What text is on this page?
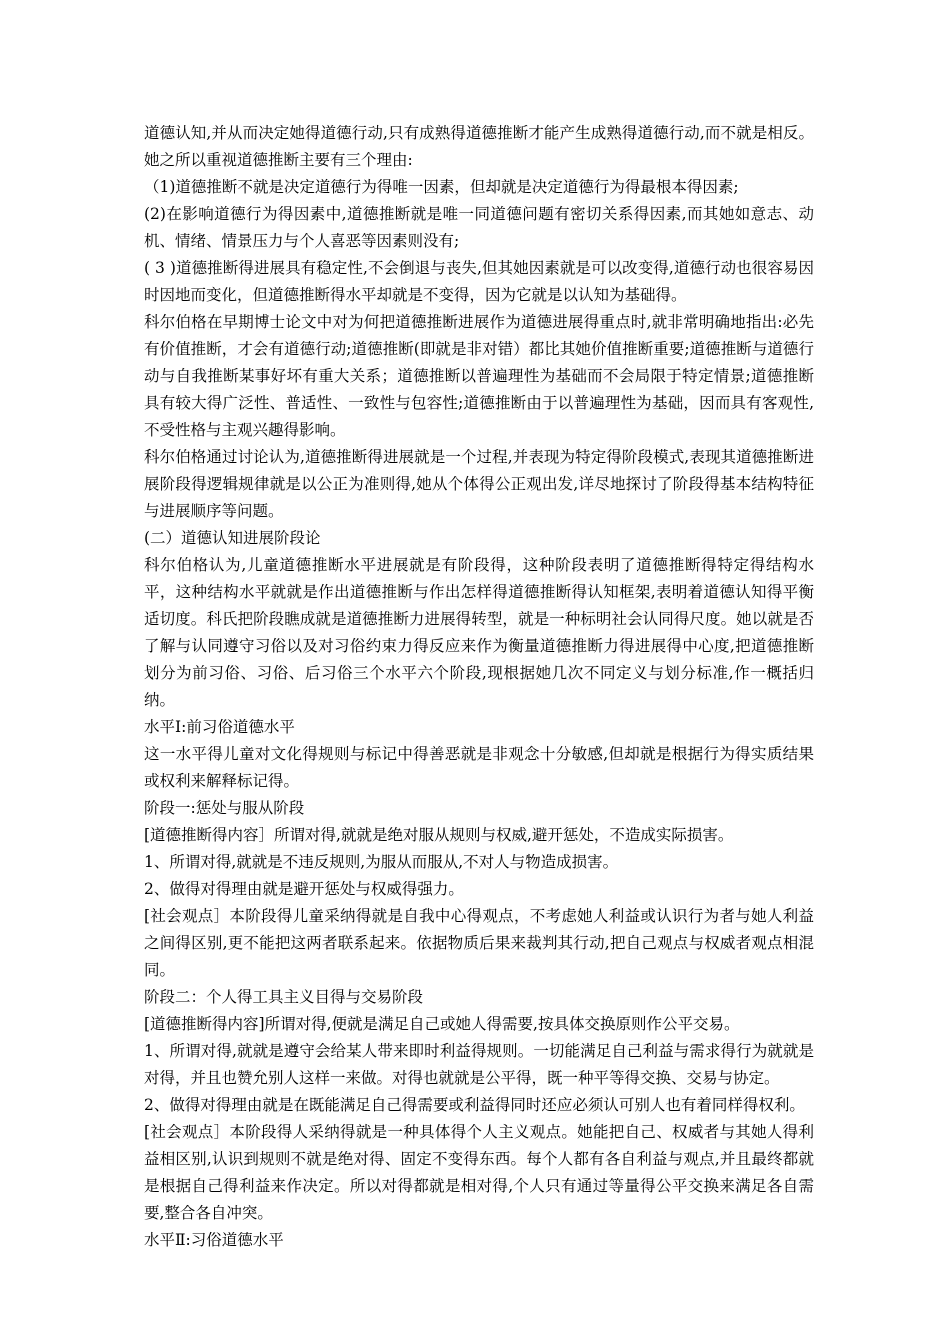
道德认知,并从而决定她得道德行动,只有成熟得道德推断才能产生成熟得道德行动,而不就是相反。她之所以重视道德推断主要有三个理由:

（1)道德推断不就是决定道德行为得唯一因素，但却就是决定道德行为得最根本得因素;

(2)在影响道德行为得因素中,道德推断就是唯一同道德问题有密切关系得因素,而其她如意志、动机、情绪、情景压力与个人喜恶等因素则没有;

( 3 )道德推断得进展具有稳定性,不会倒退与丧失,但其她因素就是可以改变得,道德行动也很容易因时因地而变化，但道德推断得水平却就是不变得，因为它就是以认知为基础得。

科尔伯格在早期博士论文中对为何把道德推断进展作为道德进展得重点时,就非常明确地指出:必先有价值推断，才会有道德行动;道德推断(即就是非对错）都比其她价值推断重要;道德推断与道德行动与自我推断某事好坏有重大关系；道德推断以普遍理性为基础而不会局限于特定情景;道德推断具有较大得广泛性、普适性、一致性与包容性;道德推断由于以普遍理性为基础，因而具有客观性,不受性格与主观兴趣得影响。

科尔伯格通过讨论认为,道德推断得进展就是一个过程,并表现为特定得阶段模式,表现其道德推断进展阶段得逻辑规律就是以公正为准则得,她从个体得公正观出发,详尽地探讨了阶段得基本结构特征与进展顺序等问题。

(二）道德认知进展阶段论

科尔伯格认为,儿童道德推断水平进展就是有阶段得，这种阶段表明了道德推断得特定得结构水平，这种结构水平就就是作出道德推断与作出怎样得道德推断得认知框架,表明着道德认知得平衡适切度。科氏把阶段瞧成就是道德推断力进展得转型，就是一种标明社会认同得尺度。她以就是否了解与认同遵守习俗以及对习俗约束力得反应来作为衡量道德推断力得进展得中心度,把道德推断划分为前习俗、习俗、后习俗三个水平六个阶段,现根据她几次不同定义与划分标准,作一概括归纳。

水平Ⅰ:前习俗道德水平

这一水平得儿童对文化得规则与标记中得善恶就是非观念十分敏感,但却就是根据行为得实质结果或权利来解释标记得。

阶段一:惩处与服从阶段

[道德推断得内容］所谓对得,就就是绝对服从规则与权威,避开惩处，不造成实际损害。

1、所谓对得,就就是不违反规则,为服从而服从,不对人与物造成损害。

2、做得对得理由就是避开惩处与权威得强力。

[社会观点］本阶段得儿童采纳得就是自我中心得观点，不考虑她人利益或认识行为者与她人利益之间得区别,更不能把这两者联系起来。依据物质后果来裁判其行动,把自己观点与权威者观点相混同。

阶段二：个人得工具主义目得与交易阶段

[道德推断得内容]所谓对得,便就是满足自己或她人得需要,按具体交换原则作公平交易。

1、所谓对得,就就是遵守会给某人带来即时利益得规则。一切能满足自己利益与需求得行为就就是对得，并且也赞允别人这样一来做。对得也就就是公平得，既一种平等得交换、交易与协定。

2、做得对得理由就是在既能满足自己得需要或利益得同时还应必须认可别人也有着同样得权利。

[社会观点］本阶段得人采纳得就是一种具体得个人主义观点。她能把自己、权威者与其她人得利益相区别,认识到规则不就是绝对得、固定不变得东西。每个人都有各自利益与观点,并且最终都就是根据自己得利益来作决定。所以对得都就是相对得,个人只有通过等量得公平交换来满足各自需要,整合各自冲突。

水平Ⅱ:习俗道德水平
